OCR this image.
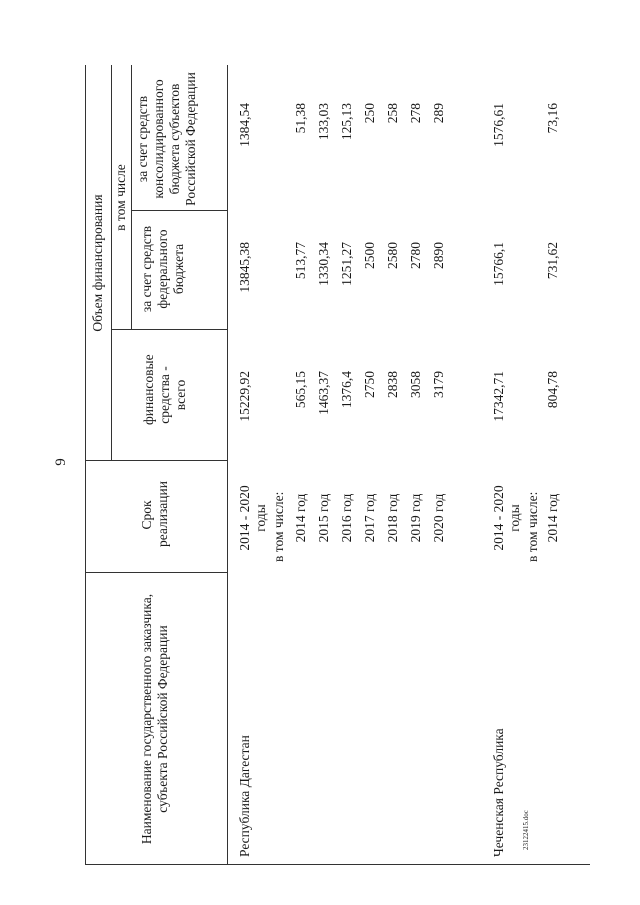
9
23122415.doc
Наименование государственного заказчика, субъекта Российской Федерации
Срок реализации
Объем финансирования
финансовые средства - всего
в том числе
за счет средств федерального бюджета
за счет средств консолидированного бюджета субъектов Российской Федерации
Республика Дагестан
2014 - 2020 годы
15229,92
13845,38
1384,54
в том числе: 2014 год
565,15
513,77
51,38
2015 год
1463,37
1330,34
133,03
2016 год
1376,4
1251,27
125,13
2017 год
2750
2500
250
2018 год
2838
2580
258
2019 год
3058
2780
278
2020 год
3179
2890
289
Чеченская Республика
2014 - 2020 годы
17342,71
15766,1
1576,61
в том числе: 2014 год
804,78
731,62
73,16
